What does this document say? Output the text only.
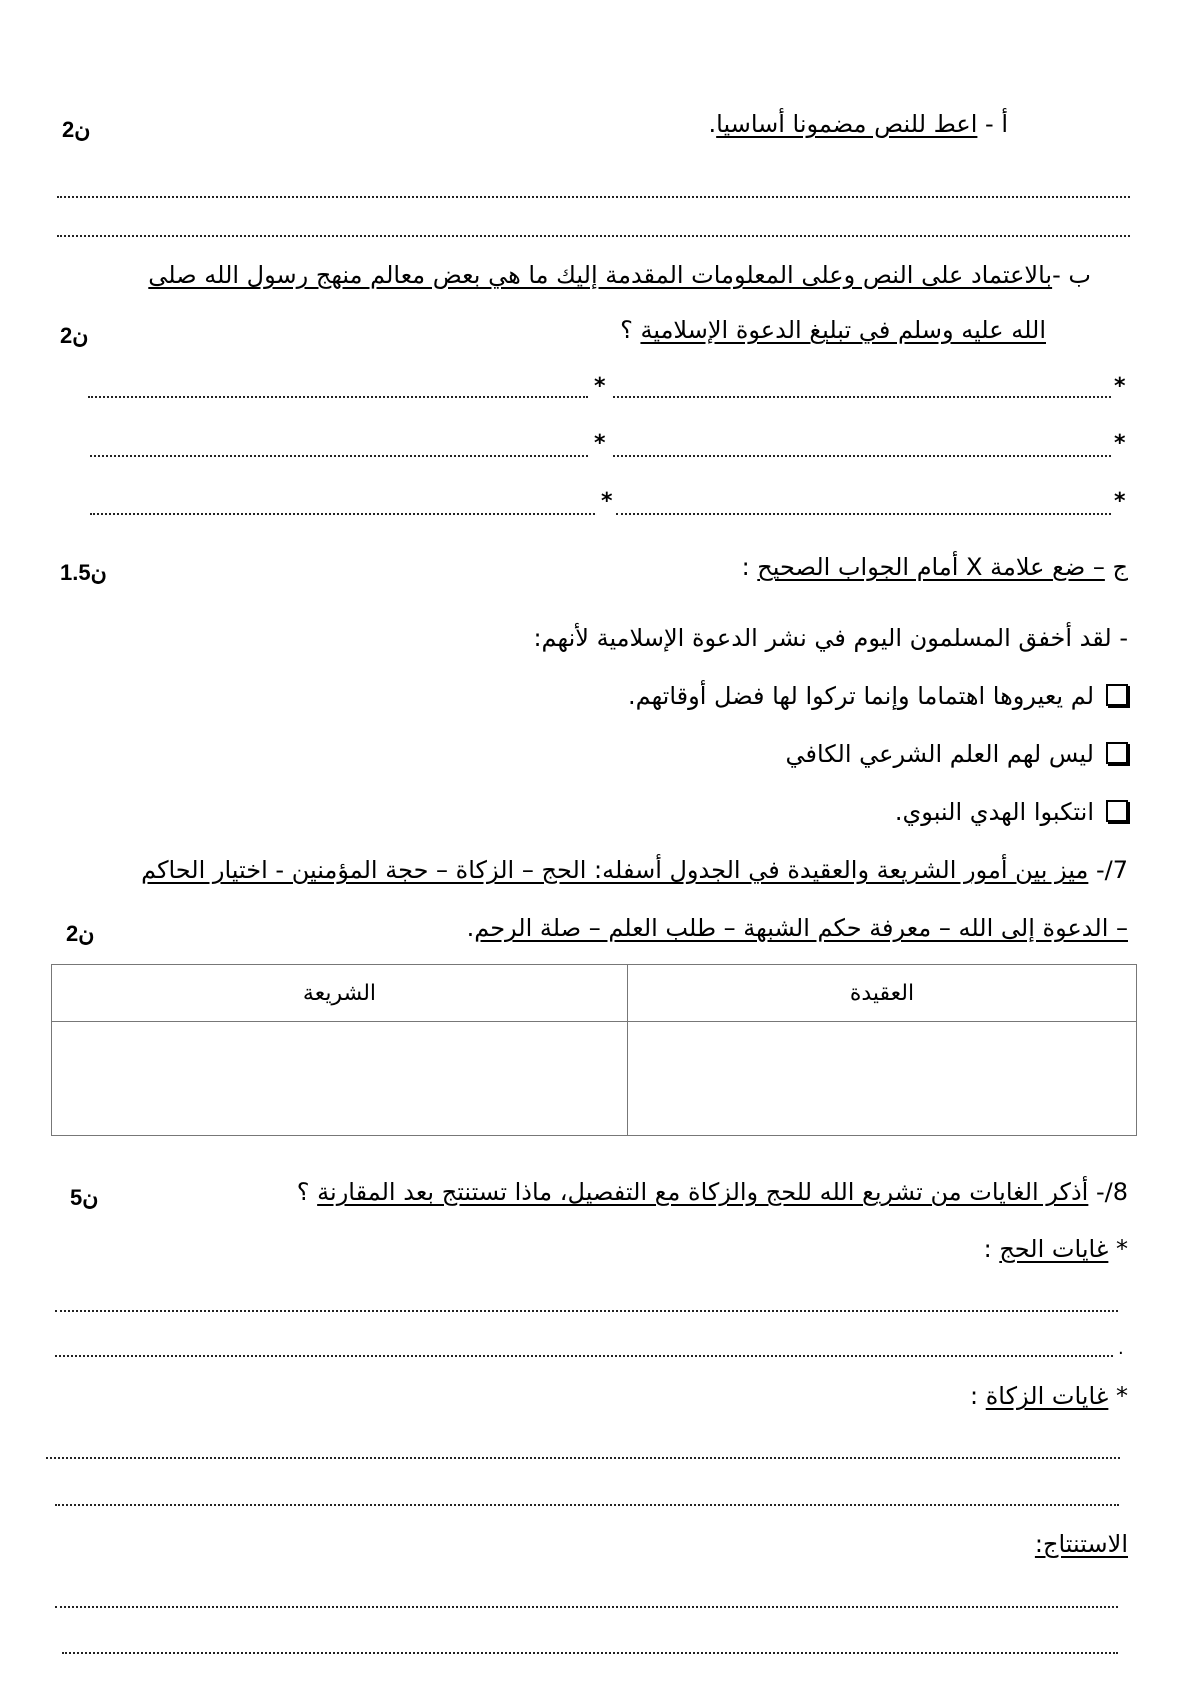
أ - اعط للنص مضمونا أساسيا.
2ن
ب -بالاعتماد على النص وعلى المعلومات المقدمة إليك ما هي بعض معالم منهج رسول الله صلى
الله عليه وسلم في تبليغ الدعوة الإسلامية ؟
2ن
*
*
*
*
*
*
ج – ضع علامة X أمام الجواب الصحيح :
1.5ن
- لقد أخفق المسلمون اليوم في نشر الدعوة الإسلامية لأنهم:
لم يعيروها اهتماما وإنما تركوا لها فضل أوقاتهم.
ليس لهم العلم الشرعي الكافي
انتكبوا الهدي النبوي.
7/- ميز بين أمور الشريعة والعقيدة في الجدول أسفله: الحج – الزكاة – حجة المؤمنين - اختيار الحاكم
– الدعوة إلى الله – معرفة حكم الشبهة – طلب العلم – صلة الرحم.
2ن
العقيدة	الشريعة

8/- أذكر الغايات من تشريع الله للحج والزكاة مع التفصيل، ماذا تستنتج بعد المقارنة ؟
5ن
* غايات الحج :
.
* غايات الزكاة :
الاستنتاج:
